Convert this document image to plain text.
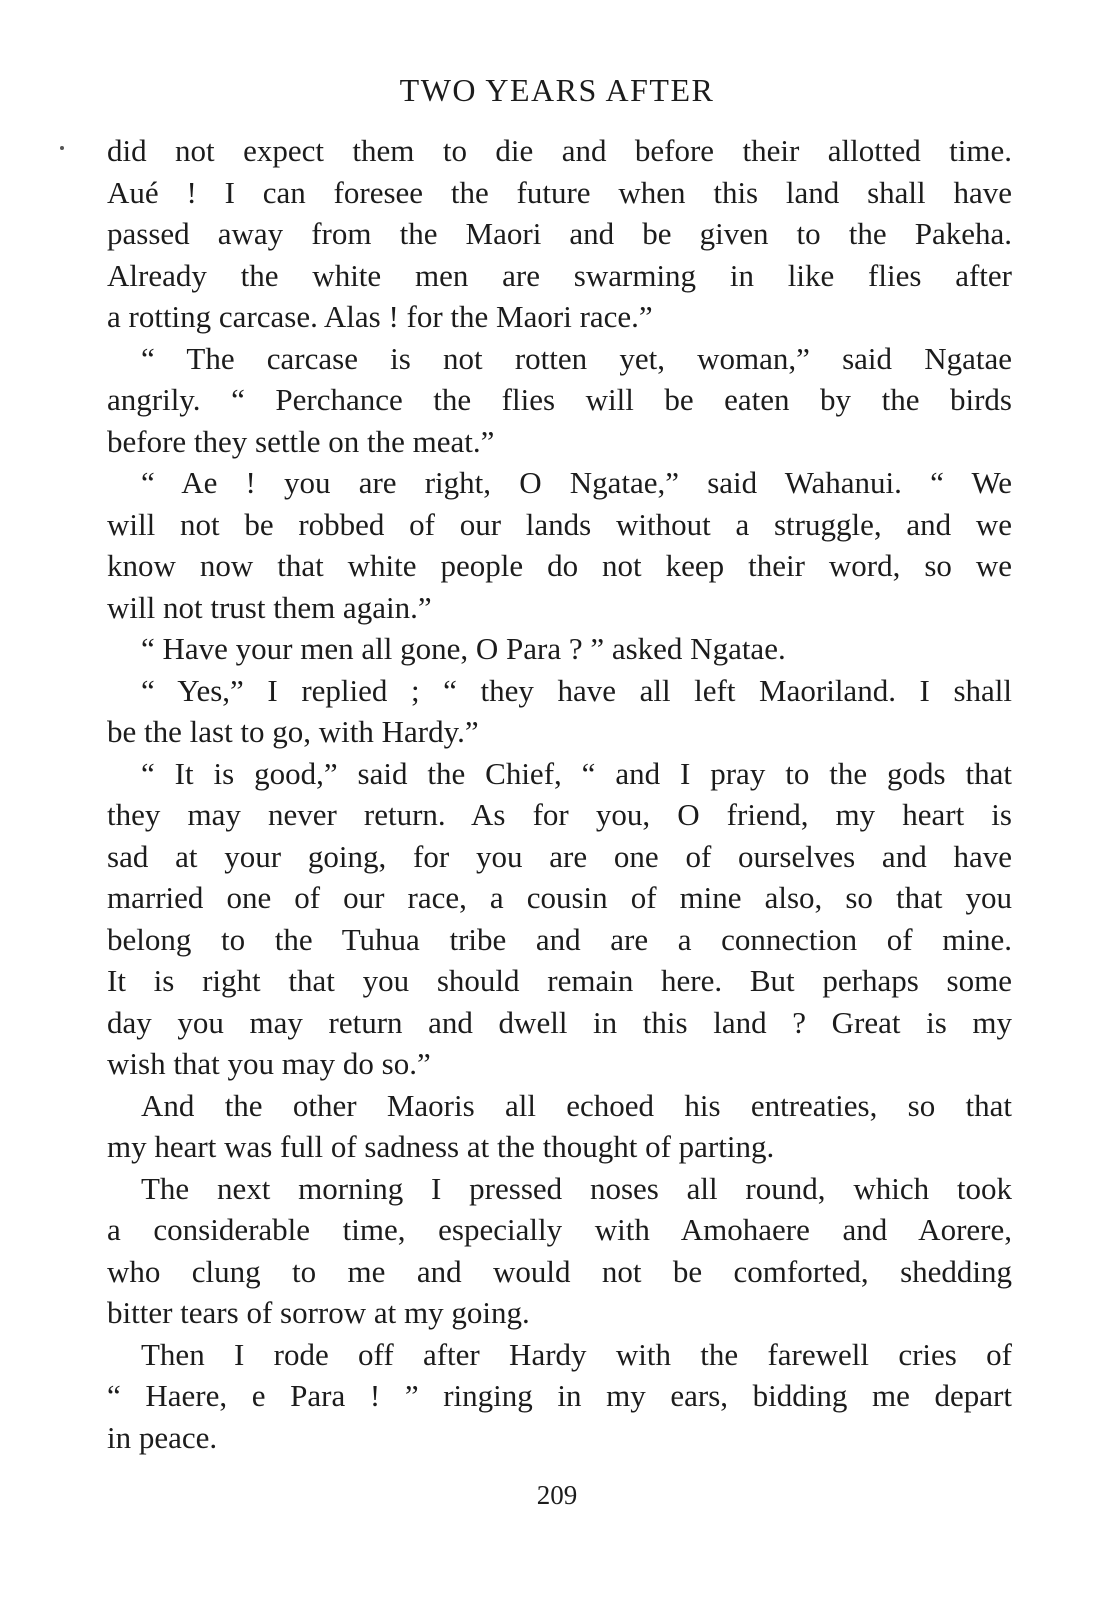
TWO YEARS AFTER
did not expect them to die and before their allotted time.
Aué ! I can foresee the future when this land shall have
passed away from the Maori and be given to the Pakeha.
Already the white men are swarming in like flies after
a rotting carcase. Alas ! for the Maori race.”
“ The carcase is not rotten yet, woman,” said Ngatae
angrily. “ Perchance the flies will be eaten by the birds
before they settle on the meat.”
“ Ae ! you are right, O Ngatae,” said Wahanui. “ We
will not be robbed of our lands without a struggle, and we
know now that white people do not keep their word, so we
will not trust them again.”
“ Have your men all gone, O Para ? ” asked Ngatae.
“ Yes,” I replied ; “ they have all left Maoriland. I shall
be the last to go, with Hardy.”
“ It is good,” said the Chief, “ and I pray to the gods that
they may never return. As for you, O friend, my heart is
sad at your going, for you are one of ourselves and have
married one of our race, a cousin of mine also, so that you
belong to the Tuhua tribe and are a connection of mine.
It is right that you should remain here. But perhaps some
day you may return and dwell in this land ? Great is my
wish that you may do so.”
And the other Maoris all echoed his entreaties, so that
my heart was full of sadness at the thought of parting.
The next morning I pressed noses all round, which took
a considerable time, especially with Amohaere and Aorere,
who clung to me and would not be comforted, shedding
bitter tears of sorrow at my going.
Then I rode off after Hardy with the farewell cries of
“ Haere, e Para ! ” ringing in my ears, bidding me depart
in peace.
209
